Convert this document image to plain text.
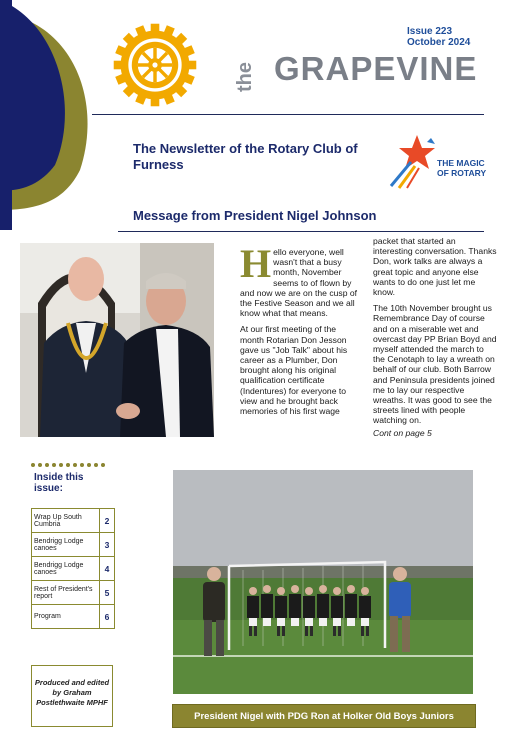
Issue 223
October 2024
the GRAPEVINE
The Newsletter of the Rotary Club of Furness	THE MAGIC OF ROTARY
Message from President Nigel Johnson

Hello everyone, well wasn't that a busy month, November seems to of flown by and now we are on the cusp of the Festive Season and we all know what that means.

At our first meeting of the month Rotarian Don Jesson gave us "Job Talk" about his career as a Plumber, Don brought along his original qualification certificate (Indentures) for everyone to view and he brought back memories of his first wage

packet that started an interesting conversation. Thanks Don, work talks are always a great topic and anyone else wants to do one just let me know.

The 10th November brought us Remembrance Day of course and on a miserable wet and overcast day PP Brian Boyd and myself attended the march to the Cenotaph to lay a wreath on behalf of our club. Both Barrow and Peninsula presidents joined me to lay our respective wreaths. It was good to see the streets lined with people watching on.

Cont on page 5

Inside this issue:
Wrap Up South Cumbria	2
Bendrigg Lodge canoes	3
Bendrigg Lodge canoes	4
Rest of President's report	5
Program	6
Produced and edited by Graham Postlethwaite MPHF
President Nigel with PDG Ron at Holker Old Boys Juniors
